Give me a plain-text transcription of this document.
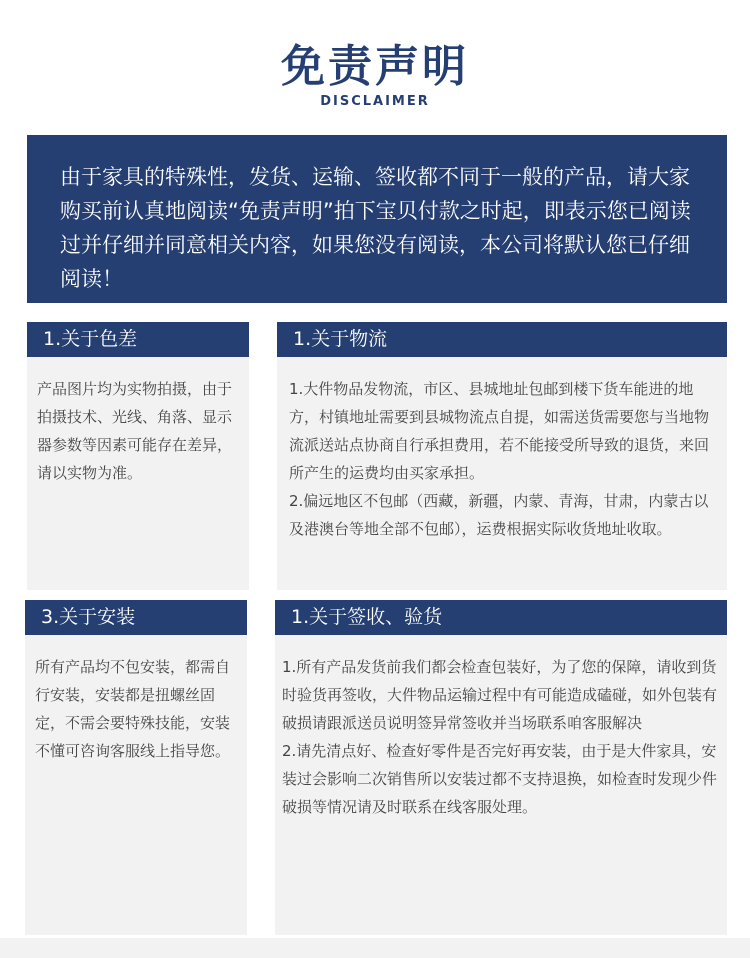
免责声明
DISCLAIMER
由于家具的特殊性，发货、运输、签收都不同于一般的产品，请大家购买前认真地阅读“免责声明”拍下宝贝付款之时起，即表示您已阅读过并仔细并同意相关内容，如果您没有阅读，本公司将默认您已仔细阅读！
1.关于色差

产品图片均为实物拍摄，由于拍摄技术、光线、角落、显示器参数等因素可能存在差异，请以实物为准。

1.关于物流

1.大件物品发物流，市区、县城地址包邮到楼下货车能进的地方，村镇地址需要到县城物流点自提，如需送货需要您与当地物流派送站点协商自行承担费用，若不能接受所导致的退货，来回所产生的运费均由买家承担。

2.偏远地区不包邮（西藏，新疆，内蒙、青海，甘肃，内蒙古以及港澳台等地全部不包邮），运费根据实际收货地址收取。

3.关于安装

所有产品均不包安装，都需自行安装，安装都是扭螺丝固定，不需会要特殊技能，安装不懂可咨询客服线上指导您。

1.关于签收、验货

1.所有产品发货前我们都会检查包装好，为了您的保障，请收到货时验货再签收，大件物品运输过程中有可能造成磕碰，如外包装有破损请跟派送员说明签异常签收并当场联系咱客服解决

2.请先清点好、检查好零件是否完好再安装，由于是大件家具，安装过会影响二次销售所以安装过都不支持退换，如检查时发现少件破损等情况请及时联系在线客服处理。
